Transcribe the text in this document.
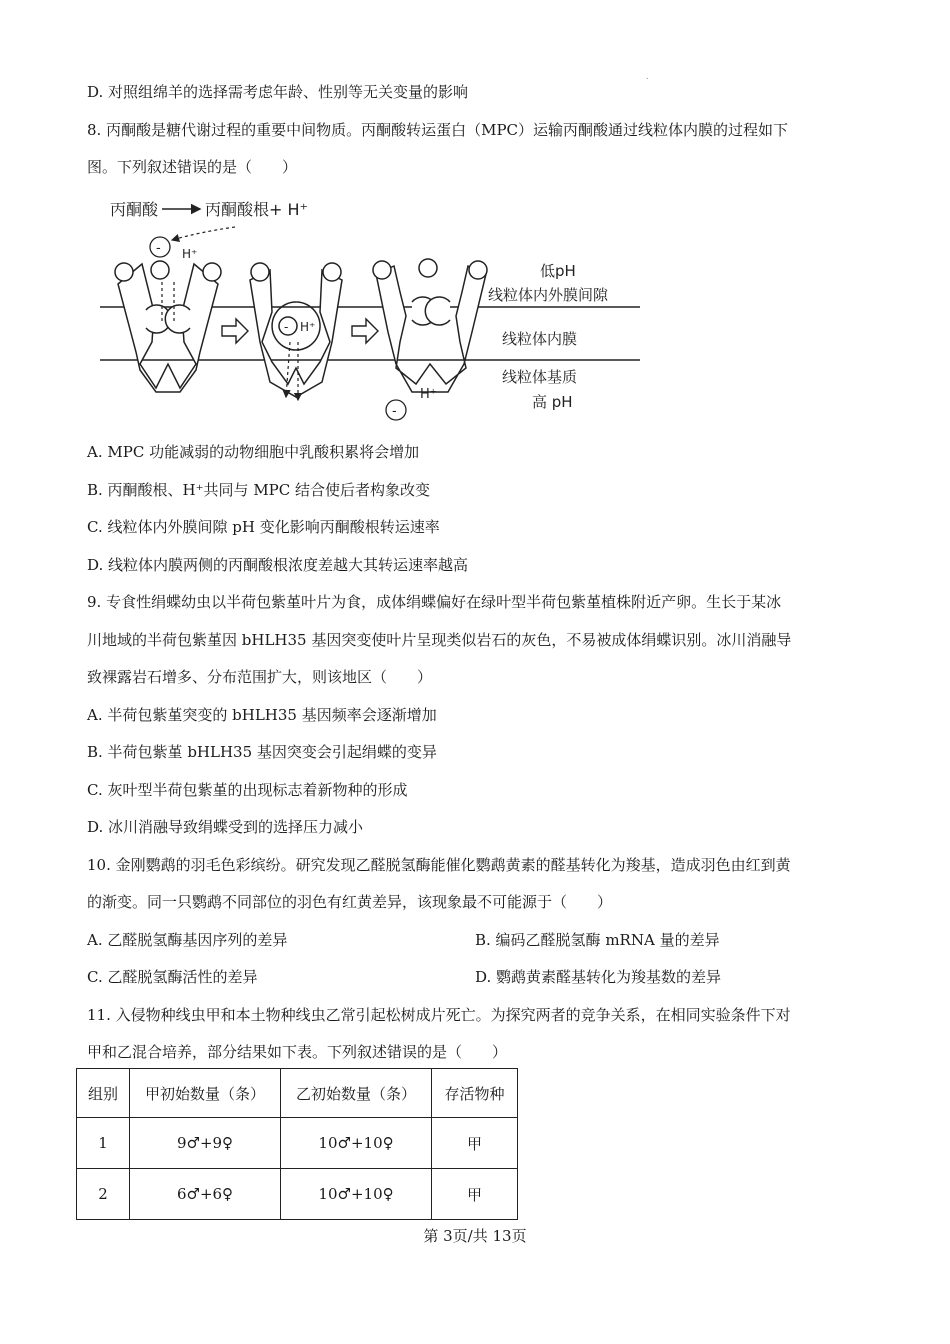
.
D. 对照组绵羊的选择需考虑年龄、性别等无关变量的影响
8. 丙酮酸是糖代谢过程的重要中间物质。丙酮酸转运蛋白（MPC）运输丙酮酸通过线粒体内膜的过程如下
图。下列叙述错误的是（　　）
丙酮酸	丙酮酸根+ H⁺
- H⁺
- H⁺
-
H⁺
低pH
线粒体内外膜间隙
线粒体内膜
线粒体基质
高 pH
A. MPC 功能减弱的动物细胞中乳酸积累将会增加
B. 丙酮酸根、H⁺共同与 MPC 结合使后者构象改变
C. 线粒体内外膜间隙 pH 变化影响丙酮酸根转运速率
D. 线粒体内膜两侧的丙酮酸根浓度差越大其转运速率越高
9. 专食性绢蝶幼虫以半荷包紫堇叶片为食，成体绢蝶偏好在绿叶型半荷包紫堇植株附近产卵。生长于某冰
川地域的半荷包紫堇因 bHLH35 基因突变使叶片呈现类似岩石的灰色，不易被成体绢蝶识别。冰川消融导
致裸露岩石增多、分布范围扩大，则该地区（　　）
A. 半荷包紫堇突变的 bHLH35 基因频率会逐渐增加
B. 半荷包紫堇 bHLH35 基因突变会引起绢蝶的变异
C. 灰叶型半荷包紫堇的出现标志着新物种的形成
D. 冰川消融导致绢蝶受到的选择压力减小
10. 金刚鹦鹉的羽毛色彩缤纷。研究发现乙醛脱氢酶能催化鹦鹉黄素的醛基转化为羧基，造成羽色由红到黄
的渐变。同一只鹦鹉不同部位的羽色有红黄差异，该现象最不可能源于（　　）
A. 乙醛脱氢酶基因序列的差异	B. 编码乙醛脱氢酶 mRNA 量的差异
C. 乙醛脱氢酶活性的差异	D. 鹦鹉黄素醛基转化为羧基数的差异
11. 入侵物种线虫甲和本土物种线虫乙常引起松树成片死亡。为探究两者的竞争关系，在相同实验条件下对
甲和乙混合培养，部分结果如下表。下列叙述错误的是（　　）
组别	甲初始数量（条）	乙初始数量（条）	存活物种
1	9♂+9♀	10♂+10♀	甲
2	6♂+6♀	10♂+10♀	甲
第 3页/共 13页
